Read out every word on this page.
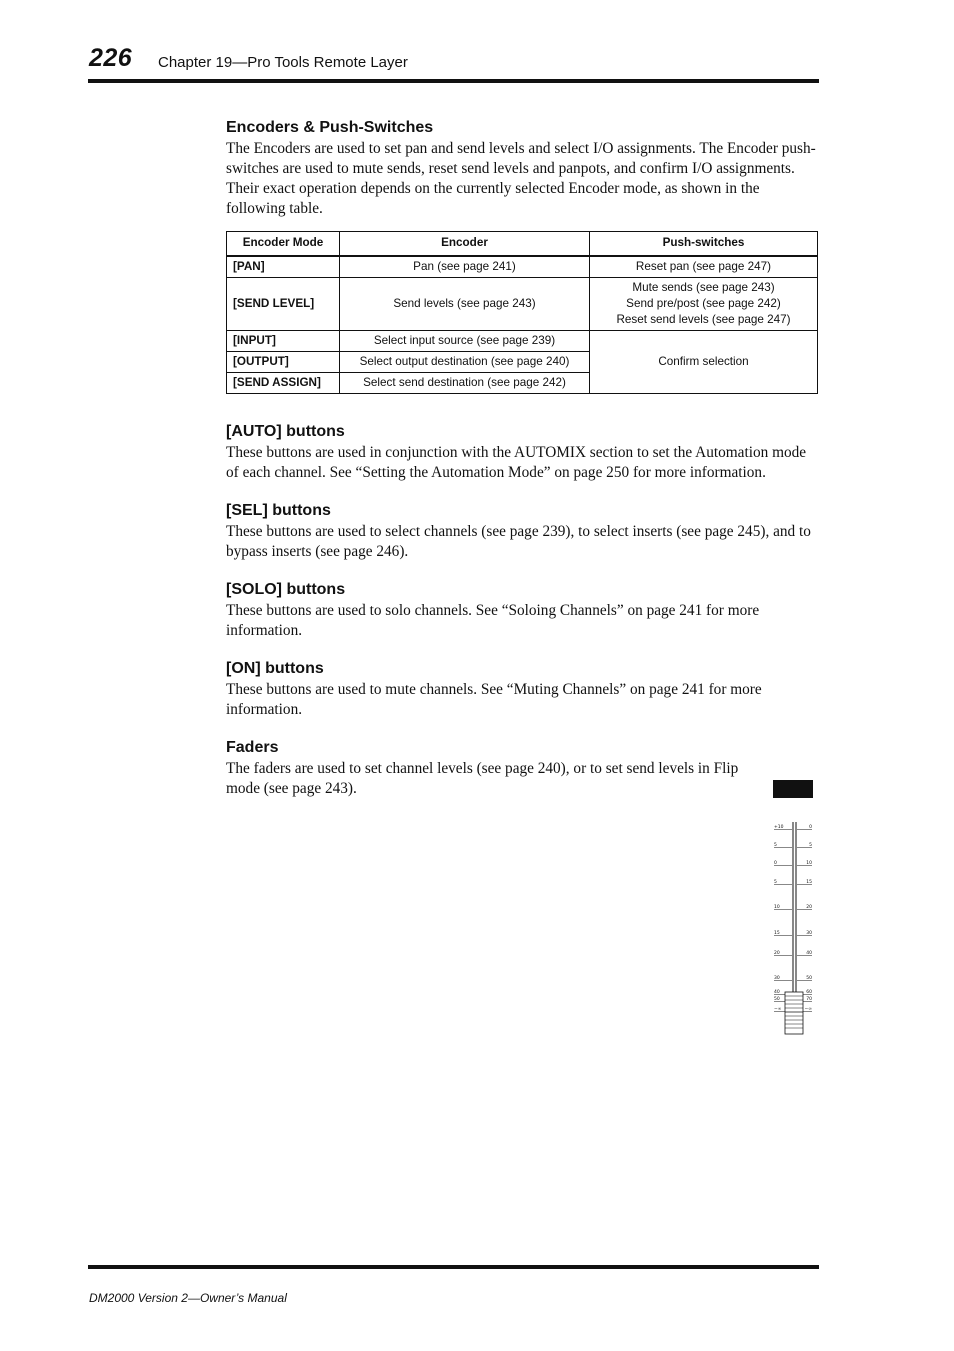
226 Chapter 19—Pro Tools Remote Layer
Encoders & Push-Switches

The Encoders are used to set pan and send levels and select I/O assignments. The Encoder push-switches are used to mute sends, reset send levels and panpots, and confirm I/O assignments. Their exact operation depends on the currently selected Encoder mode, as shown in the following table.

Encoder Mode	Encoder	Push-switches
[PAN]	Pan (see page 241)	Reset pan (see page 247)
[SEND LEVEL]	Send levels (see page 243)	Mute sends (see page 243)
Send pre/post (see page 242)
Reset send levels (see page 247)

[INPUT]	Select input source (see page 239)	Confirm selection
[OUTPUT]	Select output destination (see page 240)	
[SEND ASSIGN]	Select send destination (see page 242)	
[AUTO] buttons

These buttons are used in conjunction with the AUTOMIX section to set the Automation mode of each channel. See “Setting the Automation Mode” on page 250 for more information.

[SEL] buttons

These buttons are used to select channels (see page 239), to select inserts (see page 245), and to bypass inserts (see page 246).

[SOLO] buttons

These buttons are used to solo channels. See “Soloing Channels” on page 241 for more information.

[ON] buttons

These buttons are used to mute channels. See “Muting Channels” on page 241 for more information.

Faders

The faders are used to set channel levels (see page 240), or to set send levels in Flip mode (see page 243).

+10
5
0
5
10
15
20
30
40
50
−∞
0
5
10
15
20
30
40
50
60
70
−∞
DM2000 Version 2—Owner’s Manual
